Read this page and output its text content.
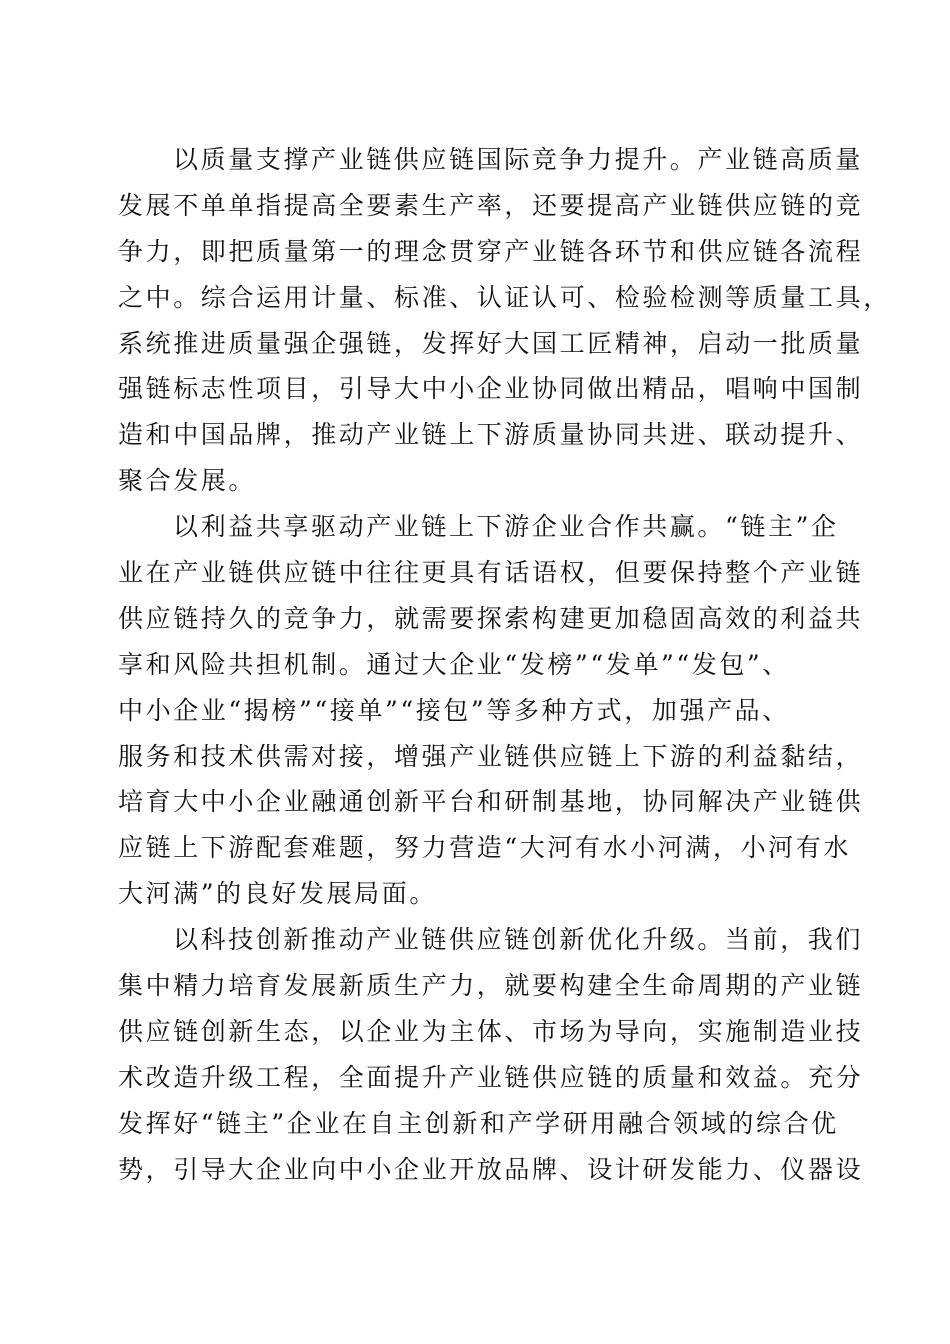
以质量支撑产业链供应链国际竞争力提升。产业链高质量
发展不单单指提高全要素生产率，还要提高产业链供应链的竞
争力，即把质量第一的理念贯穿产业链各环节和供应链各流程
之中。综合运用计量、标准、认证认可、检验检测等质量工具，
系统推进质量强企强链，发挥好大国工匠精神，启动一批质量
强链标志性项目，引导大中小企业协同做出精品，唱响中国制
造和中国品牌，推动产业链上下游质量协同共进、联动提升、
聚合发展。
以利益共享驱动产业链上下游企业合作共赢。“链主”企
业在产业链供应链中往往更具有话语权，但要保持整个产业链
供应链持久的竞争力，就需要探索构建更加稳固高效的利益共
享和风险共担机制。通过大企业“发榜”“发单”“发包”、
中小企业“揭榜”“接单”“接包”等多种方式，加强产品、
服务和技术供需对接，增强产业链供应链上下游的利益黏结，
培育大中小企业融通创新平台和研制基地，协同解决产业链供
应链上下游配套难题，努力营造“大河有水小河满，小河有水
大河满”的良好发展局面。
以科技创新推动产业链供应链创新优化升级。当前，我们
集中精力培育发展新质生产力，就要构建全生命周期的产业链
供应链创新生态，以企业为主体、市场为导向，实施制造业技
术改造升级工程，全面提升产业链供应链的质量和效益。充分
发挥好“链主”企业在自主创新和产学研用融合领域的综合优
势，引导大企业向中小企业开放品牌、设计研发能力、仪器设
